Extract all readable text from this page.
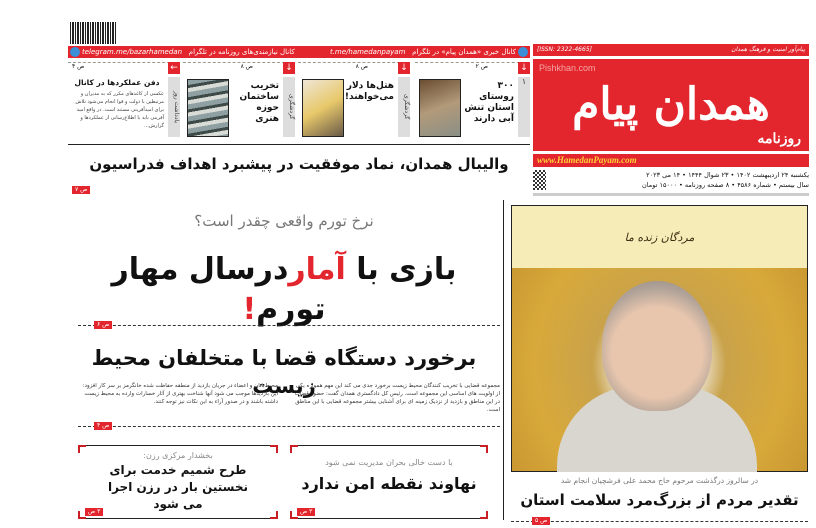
کانال خبری «همدان پیام» در تلگرام   t.me/hamedanpayam
کانال نیازمندی‌های روزنامه در تلگرام   telegram.me/bazarhamedan
↓
۲ ص
۱
۳۰۰ روستای استان تنش آبی دارند
↓
۸ ص
گردشگری
هتل‌ها دلار می‌خواهند!
↓
۸ ص
گردشگری
تخریب ساختمان حوزه هنری
←
۴ ص
یادداشت روز
دفن عملکردها در کانال
عکسی از کاغذهای مکرر که به مدیران و مرتبطین با دولت و قوا انجام می‌شود تلاش برای امیدآفرینی مستند است. در واقع امید آفرینی باید با اطلاع‌رسانی از عملکردها و گزارش...
[ISSN: 2322-4665]	پیام‌آور امنیت و فرهنگ همدان
همدان پیام
روزنامه
Pishkhan.com
www.HamedanPayam.com
یکشنبه ۲۴ اردیبهشت ۱۴۰۲ • ۲۳ شوال ۱۴۴۴ • ۱۴ می ۲۰۲۳
سال بیستم • شماره ۴۵۸۶ • ۸ صفحه روزنامه • ۱۵۰۰۰ تومان
والیبال همدان، نماد موفقیت در پیشبرد اهداف فدراسیون
۷ ص
نرخ تورم واقعی چقدر است؟
بازی با آماردرسال مهار تورم!
۶ ص
برخورد دستگاه قضا با متخلفان محیط زیست
مجموعه قضایی با تخریب کنندگان محیط زیست برخورد جدی می کند این مهم همواره یکی از اولویت های اساسی این مجموعه است. رئیس کل دادگستری همدان گفت: حضور قضات در این مناطق و بازدید از نزدیک زمینه ای برای آشنایی بیشتر مجموعه قضایی با این مناطق است.
محیط‌بانان و اعضاء در جریان بازدید از منطقه حفاظت شده خانگرمز بر سر کار افزود: این بازدیدها موجب می شود آنها شناخت بهتری از آثار خسارات وارده به محیط زیست داشته باشند و در صدور آراء به این نکات نیز توجه کنند.
۴ ص
با دست خالی بحران مدیریت نمی شود
نهاوند نقطه امن ندارد
۳ ص
بخشدار مرکزی رزن:
طرح شمیم خدمت برای نخستین بار در رزن اجرا می شود
۳ ص
مردگان زنده ما
در سالروز درگذشت مرحوم حاج محمد علی فرشچیان انجام شد
تقدیر مردم از بزرگ‌مرد سلامت استان
۵ ص
